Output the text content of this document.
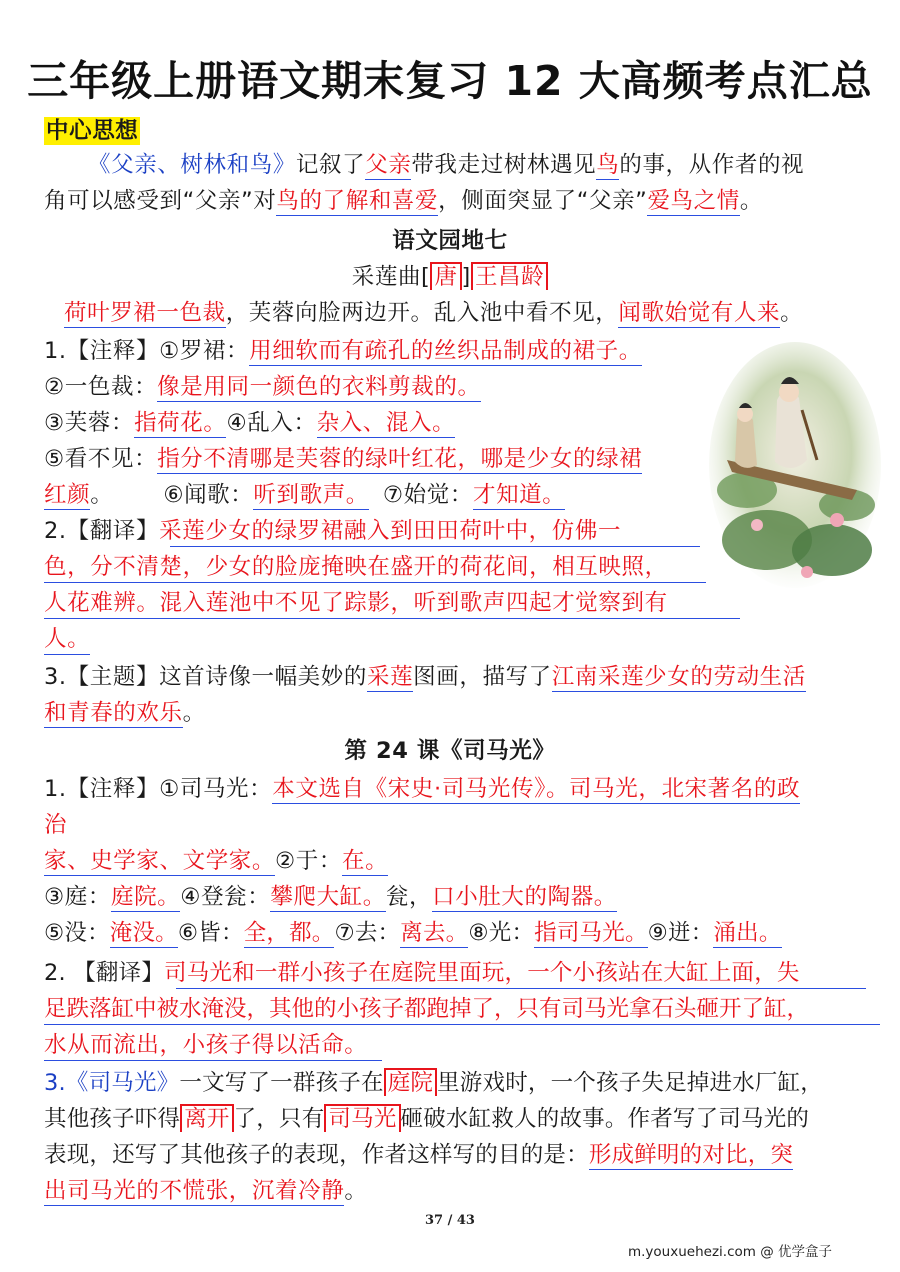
三年级上册语文期末复习 12 大高频考点汇总
中心思想
《父亲、树林和鸟》记叙了父亲带我走过树林遇见鸟的事，从作者的视
角可以感受到“父亲”对鸟的了解和喜爱，侧面突显了“父亲”爱鸟之情。
语文园地七
采莲曲[ 唐 ] 王昌龄
荷叶罗裙一色裁，芙蓉向脸两边开。乱入池中看不见，闻歌始觉有人来。
1.【注释】①罗裙：用细软而有疏孔的丝织品制成的裙子。
②一色裁：像是用同一颜色的衣料剪裁的。
③芙蓉：指荷花。④乱入：杂入、混入。
⑤看不见：指分不清哪是芙蓉的绿叶红花，哪是少女的绿裙
红颜。 ⑥闻歌：听到歌声。 ⑦始觉：才知道。
2.【翻译】采莲少女的绿罗裙融入到田田荷叶中，仿佛一
色，分不清楚，少女的脸庞掩映在盛开的荷花间，相互映照，
人花难辨。混入莲池中不见了踪影，听到歌声四起才觉察到有
人。
3.【主题】这首诗像一幅美妙的采莲图画，描写了江南采莲少女的劳动生活
和青春的欢乐。
第 24 课《司马光》
1.【注释】①司马光：本文选自《宋史·司马光传》。司马光，北宋著名的政
治
家、史学家、文学家。②于：在。
③庭：庭院。④登瓮：攀爬大缸。瓮，口小肚大的陶器。
⑤没：淹没。⑥皆：全，都。⑦去：离去。⑧光：指司马光。⑨迸：涌出。
2. 【翻译】司马光和一群小孩子在庭院里面玩，一个小孩站在大缸上面，失
足跌落缸中被水淹没，其他的小孩子都跑掉了，只有司马光拿石头砸开了缸，
水从而流出，小孩子得以活命。
3.《司马光》一文写了一群孩子在 庭院 里游戏时，一个孩子失足掉进水厂缸，
其他孩子吓得 离开 了，只有 司马光 砸破水缸救人的故事。作者写了司马光的
表现，还写了其他孩子的表现，作者这样写的目的是：形成鲜明的对比，突
出司马光的不慌张，沉着冷静。
37 / 43
m.youxuehezi.com @ 优学盒子
